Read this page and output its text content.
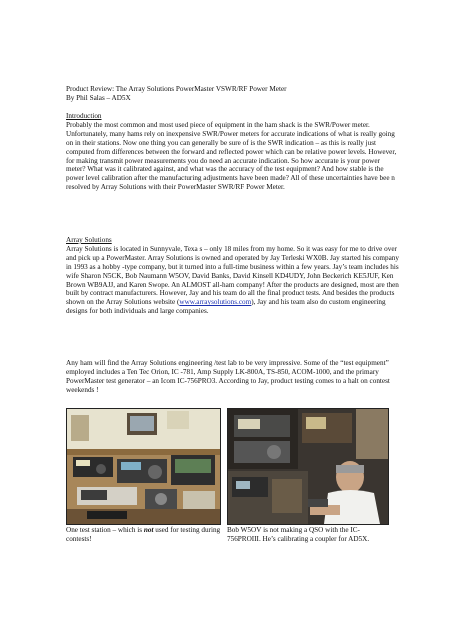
Product Review: The Array Solutions PowerMaster VSWR/RF Power Meter

By Phil Salas – AD5X

Introduction

Probably the most common and most used piece of equipment in the ham shack is the SWR/Power meter. Unfortunately, many hams rely on inexpensive SWR/Power meters for accurate indications of what is really going on in their stations. Now one thing you can generally be sure of is the SWR indication – as this is really just computed from differences between the forward and reflected power which can be relative power levels. However, for making transmit power measurements you do need an accurate indication. So how accurate is your power meter? What was it calibrated against, and what was the accuracy of the test equipment? And how stable is the power level calibration after the manufacturing adjustments have been made? All of these uncertainties have bee n resolved by Array Solutions with their PowerMaster SWR/RF Power Meter.

Array Solutions

Array Solutions is located in Sunnyvale, Texa s – only 18 miles from my home. So it was easy for me to drive over and pick up a PowerMaster. Array Solutions is owned and operated by Jay Terleski WX0B. Jay started his company in 1993 as a hobby -type company, but it turned into a full-time business within a few years. Jay’s team includes his wife Sharon N5CK, Bob Naumann W5OV, David Banks, David Kinsell KD4UDY, John Beckerich KE5JUF, Ken Brown WB9AJJ, and Karen Swope. An ALMOST all-ham company! After the products are designed, most are then built by contract manufacturers. However, Jay and his team do all the final product tests. And besides the products shown on the Array Solutions website (www.arraysolutions.com), Jay and his team also do custom engineering designs for both individuals and large companies.

Any ham will find the Array Solutions engineering /test lab to be very impressive. Some of the “test equipment” employed includes a Ten Tec Orion, IC -781, Amp Supply LK-800A, TS-850, ACOM-1000, and the primary PowerMaster test generator – an Icom IC-756PRO3. According to Jay, product testing comes to a halt on contest weekends !

One test station – which is not used for testing during contests!
Bob W5OV is not making a QSO with the IC-756PROIII. He’s calibrating a coupler for AD5X.
